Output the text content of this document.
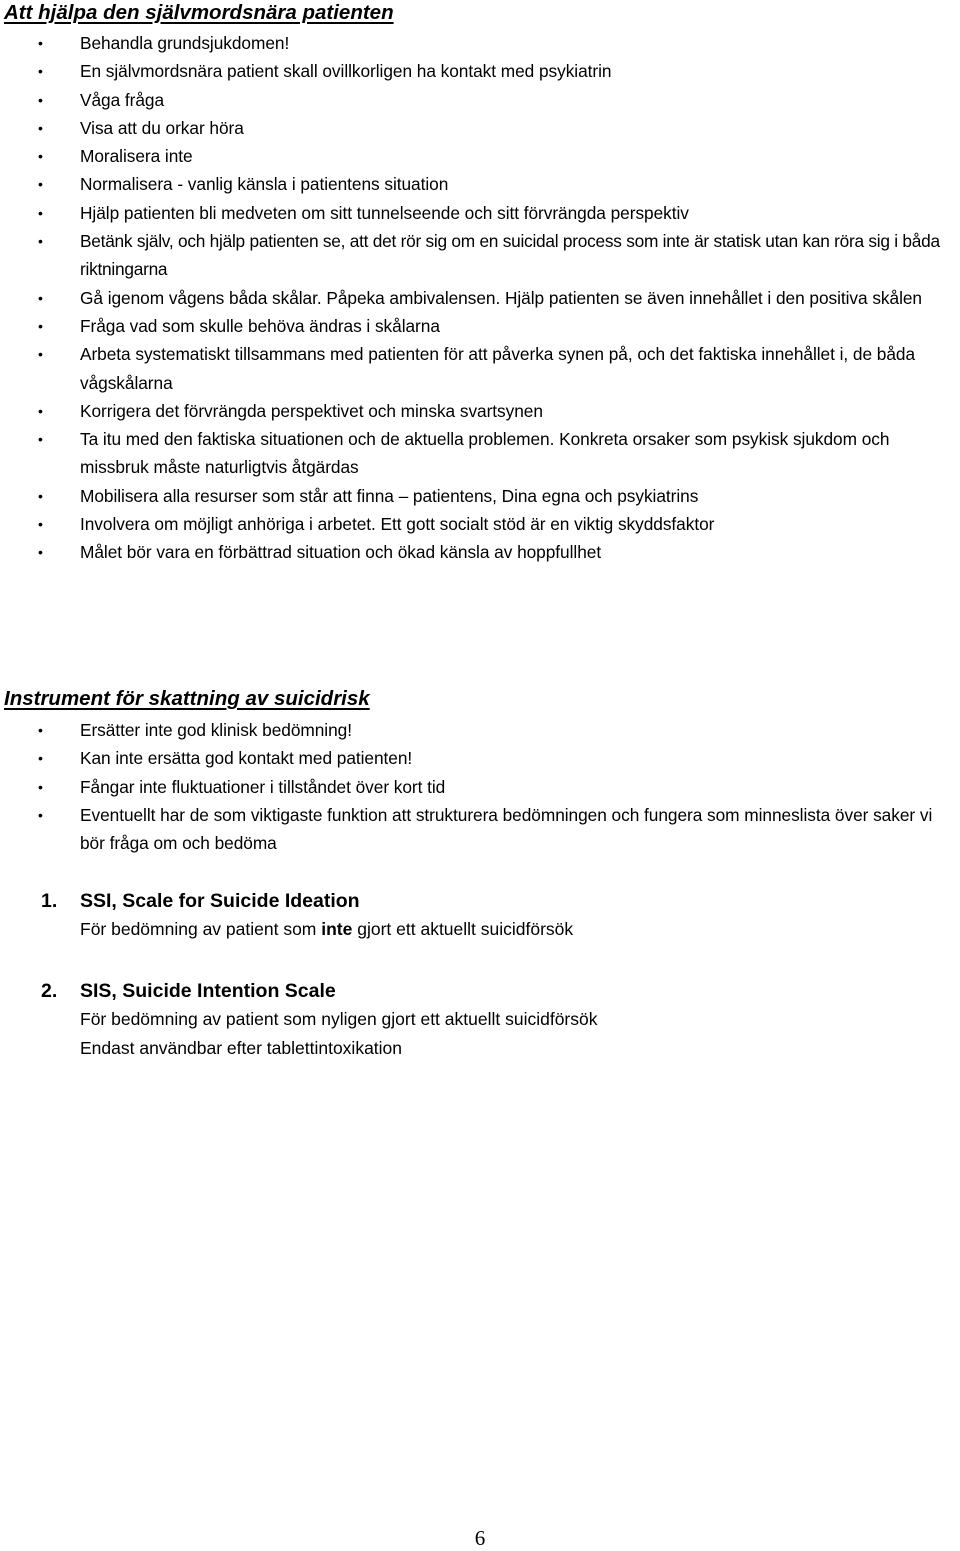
Att hjälpa den självmordsnära patienten
• Behandla grundsjukdomen!
• En självmordsnära patient skall ovillkorligen ha kontakt med psykiatrin
• Våga fråga
• Visa att du orkar höra
• Moralisera inte
• Normalisera - vanlig känsla i patientens situation
• Hjälp patienten bli medveten om sitt tunnelseende och sitt förvrängda perspektiv
• Betänk själv, och hjälp patienten se, att det rör sig om en suicidal process som inte är statisk utan kan röra sig i båda riktningarna
• Gå igenom vågens båda skålar. Påpeka ambivalensen. Hjälp patienten se även innehållet i den positiva skålen
• Fråga vad som skulle behöva ändras i skålarna
• Arbeta systematiskt tillsammans med patienten för att påverka synen på, och det faktiska innehållet i, de båda vågskålarna
• Korrigera det förvrängda perspektivet och minska svartsynen
• Ta itu med den faktiska situationen och de aktuella problemen. Konkreta orsaker som psykisk sjukdom och missbruk måste naturligtvis åtgärdas
• Mobilisera alla resurser som står att finna – patientens, Dina egna och psykiatrins
• Involvera om möjligt anhöriga i arbetet. Ett gott socialt stöd är en viktig skyddsfaktor
• Målet bör vara en förbättrad situation och ökad känsla av hoppfullhet
Instrument för skattning av suicidrisk
• Ersätter inte god klinisk bedömning!
• Kan inte ersätta god kontakt med patienten!
• Fångar inte fluktuationer i tillståndet över kort tid
• Eventuellt har de som viktigaste funktion att strukturera bedömningen och fungera som minneslista över saker vi bör fråga om och bedöma
1. SSI, Scale for Suicide Ideation
För bedömning av patient som inte gjort ett aktuellt suicidförsök
2. SIS, Suicide Intention Scale
För bedömning av patient som nyligen gjort ett aktuellt suicidförsök
Endast användbar efter tablettintoxikation
6
